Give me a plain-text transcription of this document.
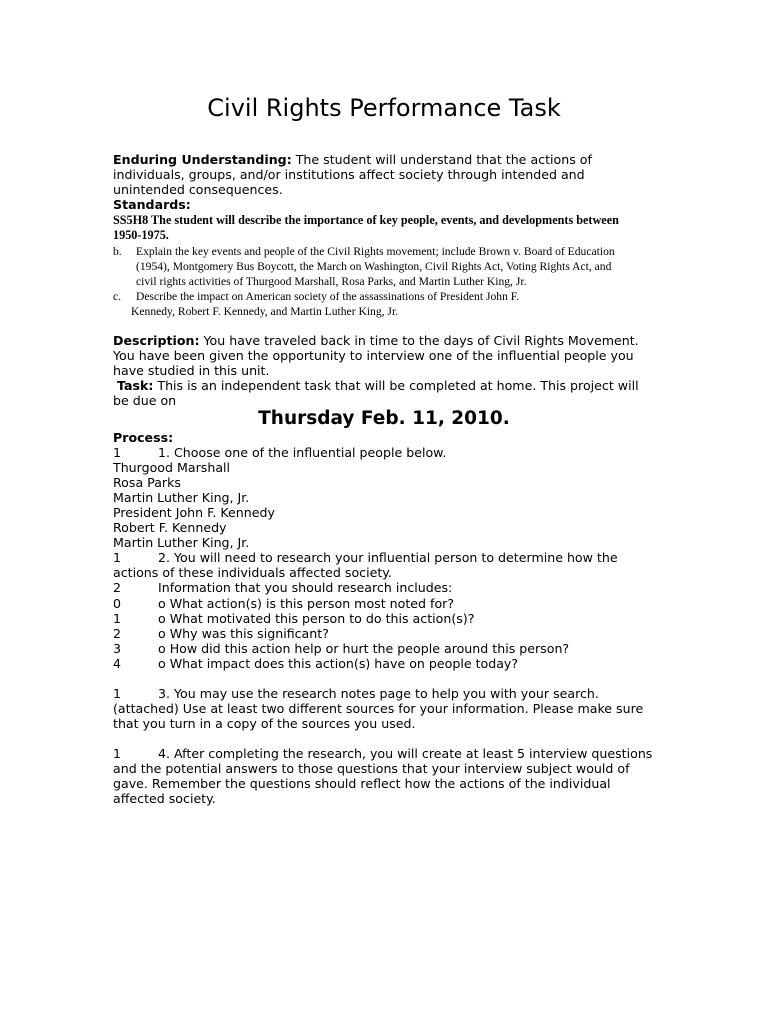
Civil Rights Performance Task
Enduring Understanding: The student will understand that the actions of
individuals, groups, and/or institutions affect society through intended and
unintended consequences.
Standards:
SS5H8 The student will describe the importance of key people, events, and developments between
1950-1975.
b. Explain the key events and people of the Civil Rights movement; include Brown v. Board of Education
(1954), Montgomery Bus Boycott, the March on Washington, Civil Rights Act, Voting Rights Act, and
civil rights activities of Thurgood Marshall, Rosa Parks, and Martin Luther King, Jr.
c. Describe the impact on American society of the assassinations of President John F.
Kennedy, Robert F. Kennedy, and Martin Luther King, Jr.
Description: You have traveled back in time to the days of Civil Rights Movement.
You have been given the opportunity to interview one of the influential people you
have studied in this unit.
Task: This is an independent task that will be completed at home. This project will
be due on
Thursday Feb. 11, 2010.
Process:
1	1. Choose one of the influential people below.
Thurgood Marshall
Rosa Parks
Martin Luther King, Jr.
President John F. Kennedy
Robert F. Kennedy
Martin Luther King, Jr.
1	2. You will need to research your influential person to determine how the
actions of these individuals affected society.
2	Information that you should research includes:
0	o What action(s) is this person most noted for?
1	o What motivated this person to do this action(s)?
2	o Why was this significant?
3	o How did this action help or hurt the people around this person?
4	o What impact does this action(s) have on people today?
1	3. You may use the research notes page to help you with your search.
(attached) Use at least two different sources for your information. Please make sure
that you turn in a copy of the sources you used.
1	4. After completing the research, you will create at least 5 interview questions
and the potential answers to those questions that your interview subject would of
gave. Remember the questions should reflect how the actions of the individual
affected society.
